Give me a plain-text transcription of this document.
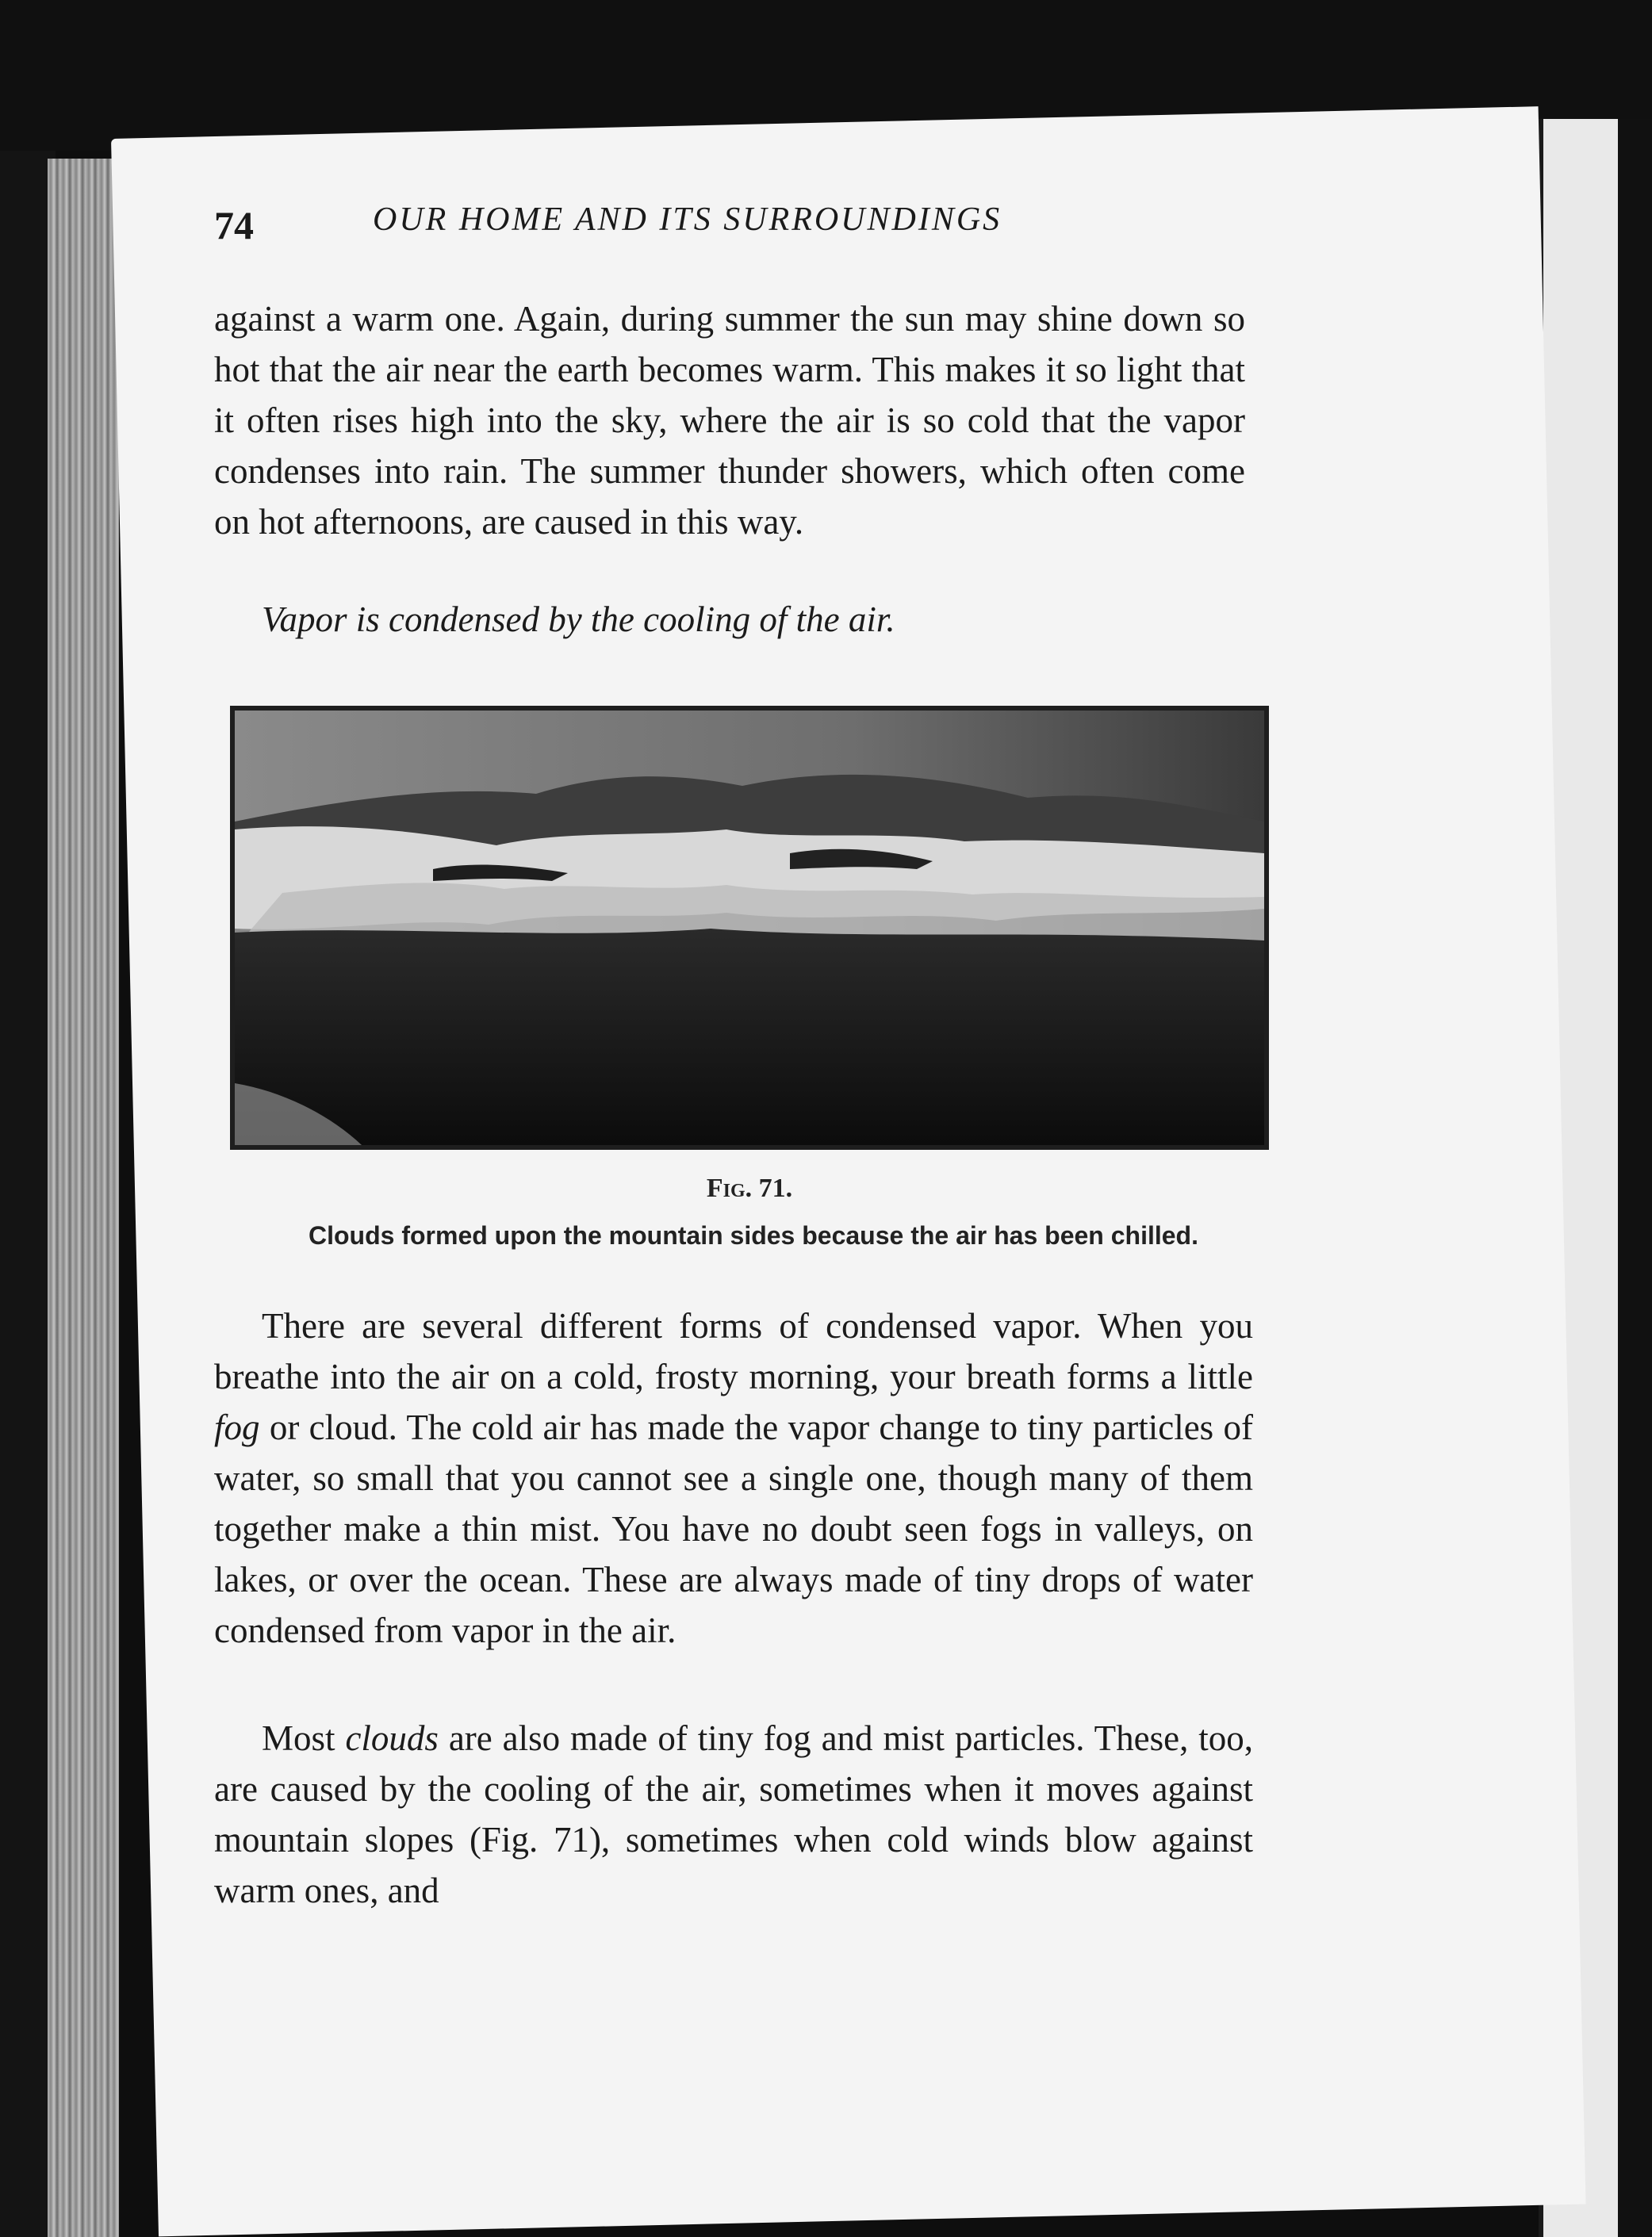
74	OUR HOME AND ITS SURROUNDINGS

against a warm one. Again, during summer the sun may shine down so hot that the air near the earth becomes warm. This makes it so light that it often rises high into the sky, where the air is so cold that the vapor condenses into rain. The summer thunder showers, which often come on hot afternoons, are caused in this way.

Vapor is condensed by the cooling of the air.
Fig. 71.
Clouds formed upon the mountain sides because the air has been chilled.

There are several different forms of condensed vapor. When you breathe into the air on a cold, frosty morning, your breath forms a little fog or cloud. The cold air has made the vapor change to tiny particles of water, so small that you cannot see a single one, though many of them together make a thin mist. You have no doubt seen fogs in valleys, on lakes, or over the ocean. These are always made of tiny drops of water condensed from vapor in the air.

Most clouds are also made of tiny fog and mist particles. These, too, are caused by the cooling of the air, sometimes when it moves against mountain slopes (Fig. 71), sometimes when cold winds blow against warm ones, and
